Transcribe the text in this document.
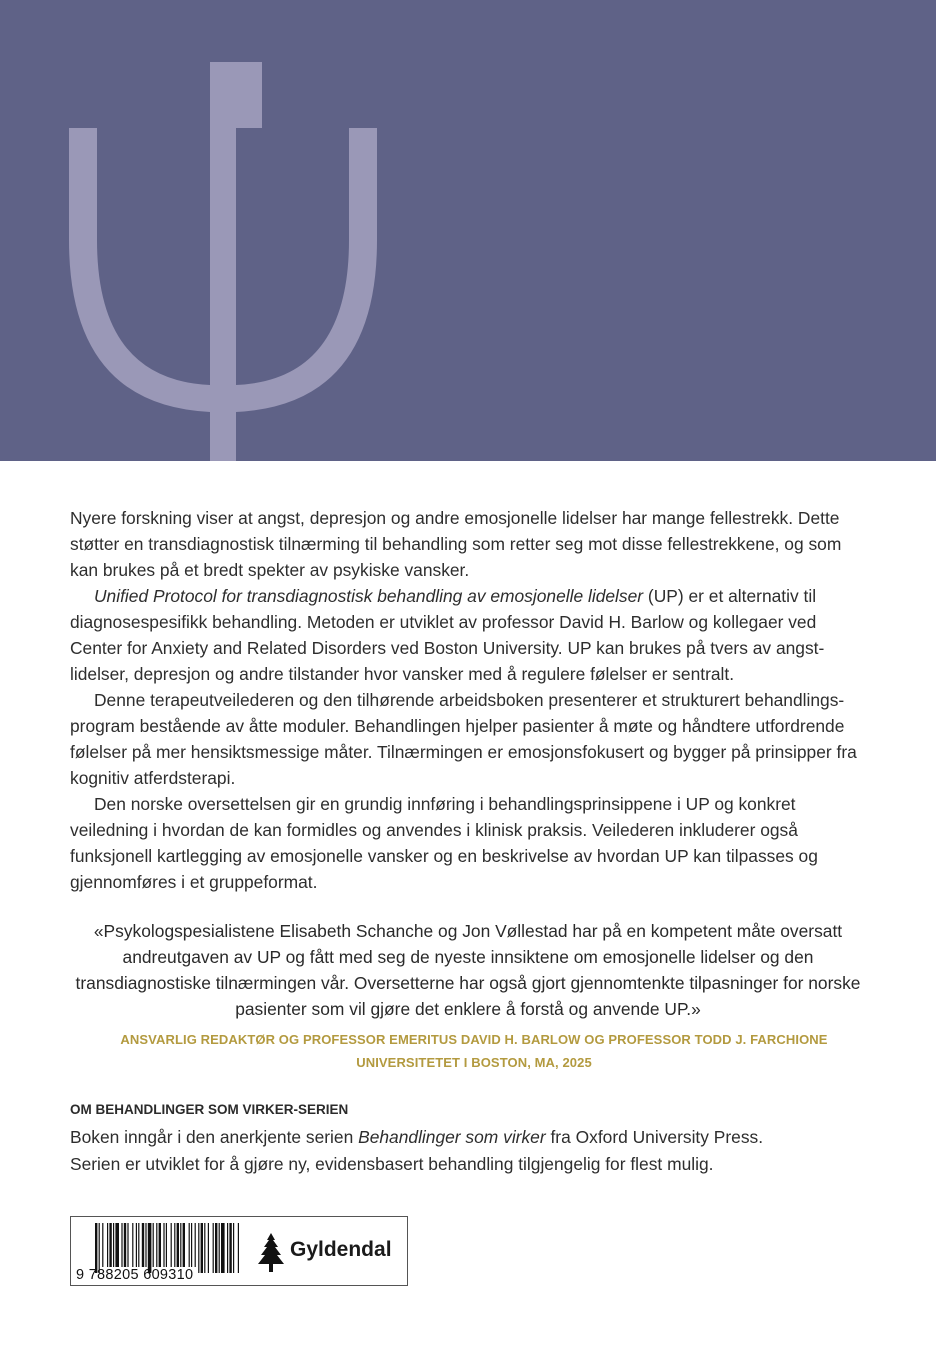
Nyere forskning viser at angst, depresjon og andre emosjonelle lidelser har mange fellestrekk. Dette støtter en transdiagnostisk tilnærming til behandling som retter seg mot disse fellestrekkene, og som kan brukes på et bredt spekter av psykiske vansker.

Unified Protocol for transdiagnostisk behandling av emosjonelle lidelser (UP) er et alternativ til diagnosespesifikk behandling. Metoden er utviklet av professor David H. Barlow og kollegaer ved Center for Anxiety and Related Disorders ved Boston University. UP kan brukes på tvers av angstlidelser, depresjon og andre tilstander hvor vansker med å regulere følelser er sentralt.

Denne terapeutveilederen og den tilhørende arbeidsboken presenterer et strukturert behandlingsprogram bestående av åtte moduler. Behandlingen hjelper pasienter å møte og håndtere utfordrende følelser på mer hensiktsmessige måter. Tilnærmingen er emosjonsfokusert og bygger på prinsipper fra kognitiv atferdsterapi.

Den norske oversettelsen gir en grundig innføring i behandlingsprinsippene i UP og konkret veiledning i hvordan de kan formidles og anvendes i klinisk praksis. Veilederen inkluderer også funksjonell kartlegging av emosjonelle vansker og en beskrivelse av hvordan UP kan tilpasses og gjennomføres i et gruppeformat.

«Psykologspesialistene Elisabeth Schanche og Jon Vøllestad har på en kompetent måte oversatt andreutgaven av UP og fått med seg de nyeste innsiktene om emosjonelle lidelser og den transdiagnostiske tilnærmingen vår. Oversetterne har også gjort gjennomtenkte tilpasninger for norske pasienter som vil gjøre det enklere å forstå og anvende UP.»
ANSVARLIG REDAKTØR OG PROFESSOR EMERITUS DAVID H. BARLOW OG PROFESSOR TODD J. FARCHIONE
UNIVERSITETET I BOSTON, MA, 2025
OM BEHANDLINGER SOM VIRKER-SERIEN

Boken inngår i den anerkjente serien Behandlinger som virker fra Oxford University Press.

Serien er utviklet for å gjøre ny, evidensbasert behandling tilgjengelig for flest mulig.

9 788205 609310
Gyldendal
